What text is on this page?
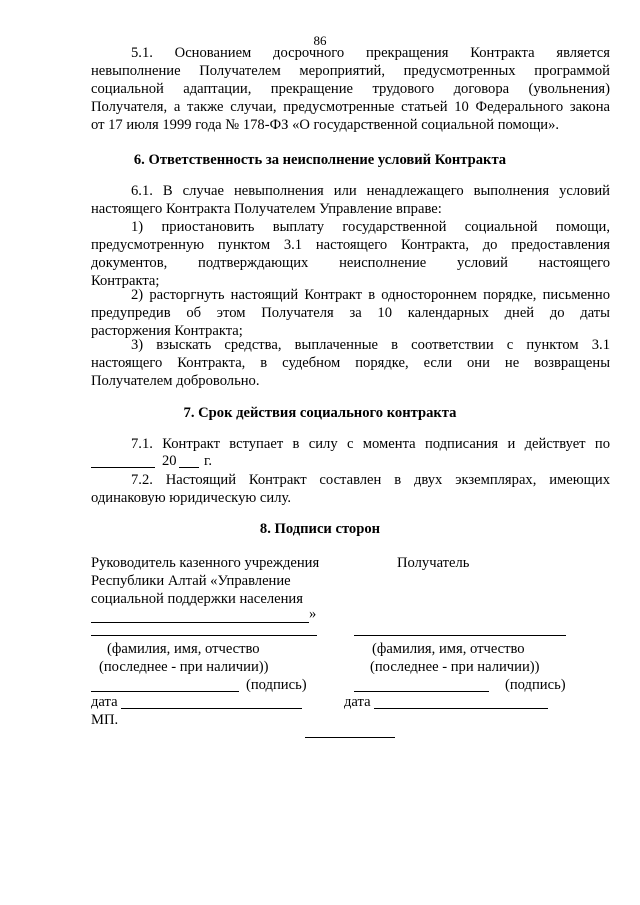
86
5.1. Основанием досрочного прекращения Контракта является
невыполнение Получателем мероприятий, предусмотренных программой
социальной адаптации, прекращение трудового договора (увольнения)
Получателя, а также случаи, предусмотренные статьей 10 Федерального закона
от 17 июля 1999 года № 178-ФЗ «О государственной социальной помощи».
6. Ответственность за неисполнение условий Контракта
6.1. В случае невыполнения или ненадлежащего выполнения условий
настоящего Контракта Получателем Управление вправе:
1) приостановить выплату государственной социальной помощи,
предусмотренную пунктом 3.1 настоящего Контракта, до предоставления
документов, подтверждающих неисполнение условий настоящего
Контракта;
2) расторгнуть настоящий Контракт в одностороннем порядке, письменно
предупредив об этом Получателя за 10 календарных дней до даты
расторжения Контракта;
3) взыскать средства, выплаченные в соответствии с пунктом 3.1
настоящего Контракта, в судебном порядке, если они не возвращены
Получателем добровольно.
7. Срок действия социального контракта
7.1. Контракт вступает в силу с момента подписания и действует по
20 г.
7.2. Настоящий Контракт составлен в двух экземплярах, имеющих
одинаковую юридическую силу.
8. Подписи сторон
Руководитель казенного учреждения	Получатель
Республики Алтай «Управление
социальной поддержки населения
»
(фамилия, имя, отчество	(фамилия, имя, отчество
(последнее - при наличии))	(последнее - при наличии))
(подпись)	(подпись)
дата	дата
МП.
